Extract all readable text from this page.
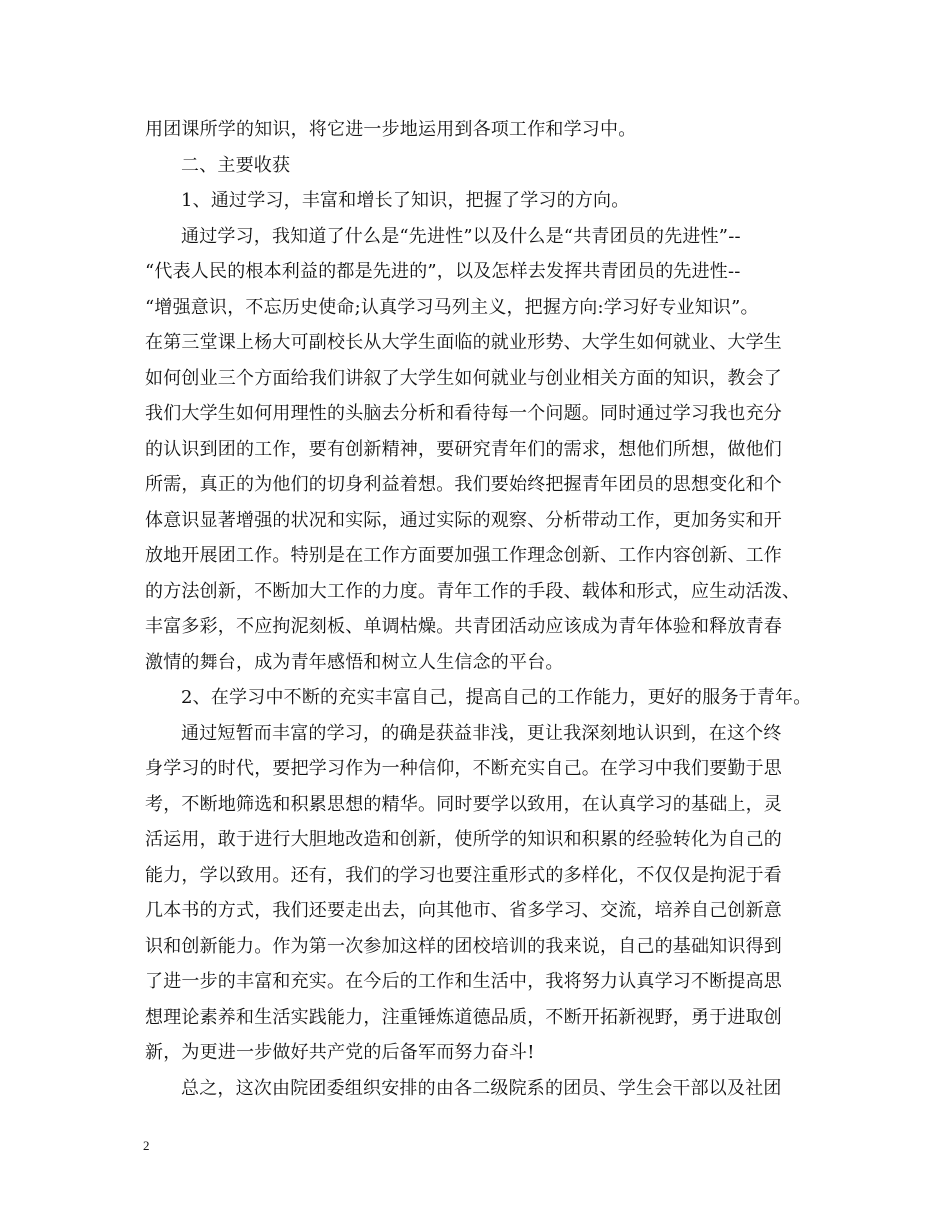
用团课所学的知识，将它进一步地运用到各项工作和学习中。
二、主要收获
1、通过学习，丰富和增长了知识，把握了学习的方向。
通过学习，我知道了什么是“先进性”以及什么是“共青团员的先进性”--
“代表人民的根本利益的都是先进的”，以及怎样去发挥共青团员的先进性--
“增强意识，不忘历史使命;认真学习马列主义，把握方向:学习好专业知识”。
在第三堂课上杨大可副校长从大学生面临的就业形势、大学生如何就业、大学生
如何创业三个方面给我们讲叙了大学生如何就业与创业相关方面的知识，教会了
我们大学生如何用理性的头脑去分析和看待每一个问题。同时通过学习我也充分
的认识到团的工作，要有创新精神，要研究青年们的需求，想他们所想，做他们
所需，真正的为他们的切身利益着想。我们要始终把握青年团员的思想变化和个
体意识显著增强的状况和实际，通过实际的观察、分析带动工作，更加务实和开
放地开展团工作。特别是在工作方面要加强工作理念创新、工作内容创新、工作
的方法创新，不断加大工作的力度。青年工作的手段、载体和形式，应生动活泼、
丰富多彩，不应拘泥刻板、单调枯燥。共青团活动应该成为青年体验和释放青春
激情的舞台，成为青年感悟和树立人生信念的平台。
2、在学习中不断的充实丰富自己，提高自己的工作能力，更好的服务于青年。
通过短暂而丰富的学习，的确是获益非浅，更让我深刻地认识到，在这个终
身学习的时代，要把学习作为一种信仰，不断充实自己。在学习中我们要勤于思
考，不断地筛选和积累思想的精华。同时要学以致用，在认真学习的基础上，灵
活运用，敢于进行大胆地改造和创新，使所学的知识和积累的经验转化为自己的
能力，学以致用。还有，我们的学习也要注重形式的多样化，不仅仅是拘泥于看
几本书的方式，我们还要走出去，向其他市、省多学习、交流，培养自己创新意
识和创新能力。作为第一次参加这样的团校培训的我来说，自己的基础知识得到
了进一步的丰富和充实。在今后的工作和生活中，我将努力认真学习不断提高思
想理论素养和生活实践能力，注重锤炼道德品质，不断开拓新视野，勇于进取创
新，为更进一步做好共产党的后备军而努力奋斗!
总之，这次由院团委组织安排的由各二级院系的团员、学生会干部以及社团
2
